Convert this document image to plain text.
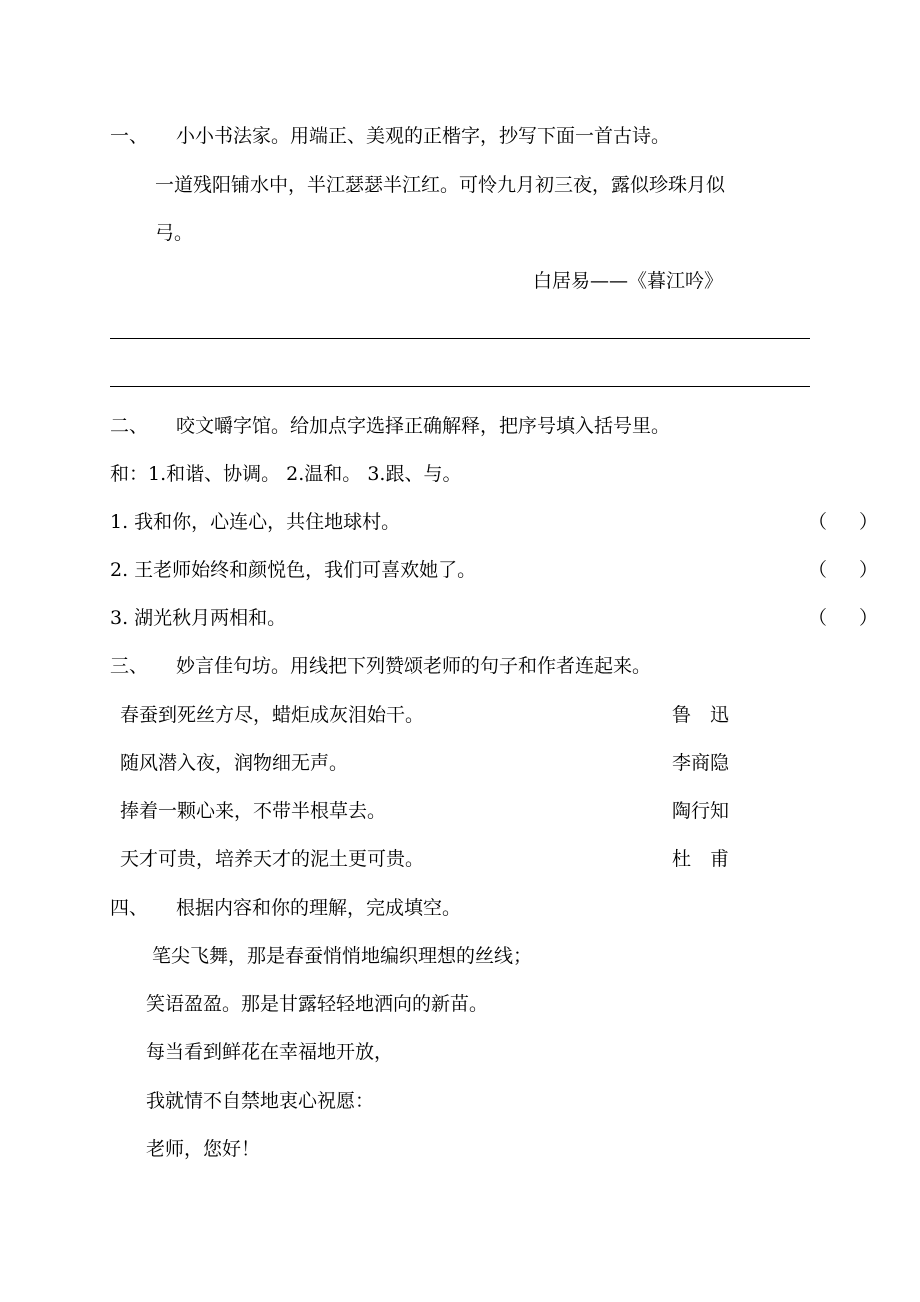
一、 小小书法家。用端正、美观的正楷字，抄写下面一首古诗。
一道残阳铺水中，半江瑟瑟半江红。可怜九月初三夜，露似珍珠月似
弓。
白居易——《暮江吟》
二、 咬文嚼字馆。给加点字选择正确解释，把序号填入括号里。
和：1.和谐、协调。 2.温和。 3.跟、与。
1. 我和你，心连心，共住地球村。	（ ）
2. 王老师始终和颜悦色，我们可喜欢她了。	（ ）
3. 湖光秋月两相和。	（ ）
三、 妙言佳句坊。用线把下列赞颂老师的句子和作者连起来。
春蚕到死丝方尽，蜡炬成灰泪始干。	鲁　迅
随风潜入夜，润物细无声。	李商隐
捧着一颗心来，不带半根草去。	陶行知
天才可贵，培养天才的泥土更可贵。	杜　甫
四、 根据内容和你的理解，完成填空。
笔尖飞舞，那是春蚕悄悄地编织理想的丝线；
笑语盈盈。那是甘露轻轻地洒向的新苗。
每当看到鲜花在幸福地开放，
我就情不自禁地衷心祝愿：
老师，您好！
